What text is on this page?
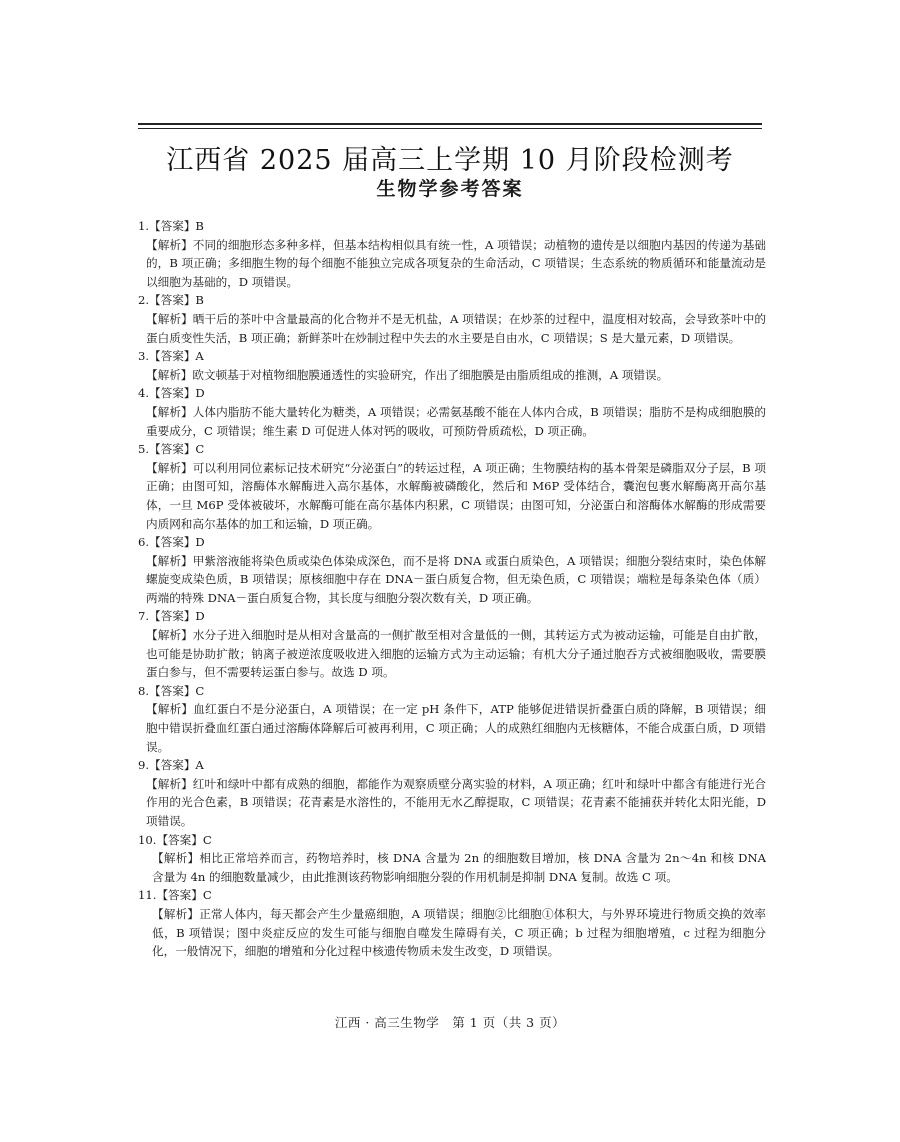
江西省 2025 届高三上学期 10 月阶段检测考
生物学参考答案

1.【答案】B

【解析】不同的细胞形态多种多样，但基本结构相似具有统一性，A 项错误；动植物的遗传是以细胞内基因的传递为基础的，B 项正确；多细胞生物的每个细胞不能独立完成各项复杂的生命活动，C 项错误；生态系统的物质循环和能量流动是以细胞为基础的，D 项错误。

2.【答案】B

【解析】晒干后的茶叶中含量最高的化合物并不是无机盐，A 项错误；在炒茶的过程中，温度相对较高，会导致茶叶中的蛋白质变性失活，B 项正确；新鲜茶叶在炒制过程中失去的水主要是自由水，C 项错误；S 是大量元素，D 项错误。

3.【答案】A

【解析】欧文顿基于对植物细胞膜通透性的实验研究，作出了细胞膜是由脂质组成的推测，A 项错误。

4.【答案】D

【解析】人体内脂肪不能大量转化为糖类，A 项错误；必需氨基酸不能在人体内合成，B 项错误；脂肪不是构成细胞膜的重要成分，C 项错误；维生素 D 可促进人体对钙的吸收，可预防骨质疏松，D 项正确。

5.【答案】C

【解析】可以利用同位素标记技术研究“分泌蛋白”的转运过程，A 项正确；生物膜结构的基本骨架是磷脂双分子层，B 项正确；由图可知，溶酶体水解酶进入高尔基体，水解酶被磷酸化，然后和 M6P 受体结合，囊泡包裹水解酶离开高尔基体，一旦 M6P 受体被破坏，水解酶可能在高尔基体内积累，C 项错误；由图可知，分泌蛋白和溶酶体水解酶的形成需要内质网和高尔基体的加工和运输，D 项正确。

6.【答案】D

【解析】甲紫溶液能将染色质或染色体染成深色，而不是将 DNA 或蛋白质染色，A 项错误；细胞分裂结束时，染色体解螺旋变成染色质，B 项错误；原核细胞中存在 DNA－蛋白质复合物，但无染色质，C 项错误；端粒是每条染色体（质）两端的特殊 DNA－蛋白质复合物，其长度与细胞分裂次数有关，D 项正确。

7.【答案】D

【解析】水分子进入细胞时是从相对含量高的一侧扩散至相对含量低的一侧，其转运方式为被动运输，可能是自由扩散，也可能是协助扩散；钠离子被逆浓度吸收进入细胞的运输方式为主动运输；有机大分子通过胞吞方式被细胞吸收，需要膜蛋白参与，但不需要转运蛋白参与。故选 D 项。

8.【答案】C

【解析】血红蛋白不是分泌蛋白，A 项错误；在一定 pH 条件下，ATP 能够促进错误折叠蛋白质的降解，B 项错误；细胞中错误折叠血红蛋白通过溶酶体降解后可被再利用，C 项正确；人的成熟红细胞内无核糖体，不能合成蛋白质，D 项错误。

9.【答案】A

【解析】红叶和绿叶中都有成熟的细胞，都能作为观察质壁分离实验的材料，A 项正确；红叶和绿叶中都含有能进行光合作用的光合色素，B 项错误；花青素是水溶性的，不能用无水乙醇提取，C 项错误；花青素不能捕获并转化太阳光能，D 项错误。

10.【答案】C

【解析】相比正常培养而言，药物培养时，核 DNA 含量为 2n 的细胞数目增加，核 DNA 含量为 2n～4n 和核 DNA 含量为 4n 的细胞数量减少，由此推测该药物影响细胞分裂的作用机制是抑制 DNA 复制。故选 C 项。

11.【答案】C

【解析】正常人体内，每天都会产生少量癌细胞，A 项错误；细胞②比细胞①体积大，与外界环境进行物质交换的效率低，B 项错误；图中炎症反应的发生可能与细胞自噬发生障碍有关，C 项正确；b 过程为细胞增殖，c 过程为细胞分化，一般情况下，细胞的增殖和分化过程中核遗传物质未发生改变，D 项错误。

江西 · 高三生物学　第 1 页（共 3 页）
